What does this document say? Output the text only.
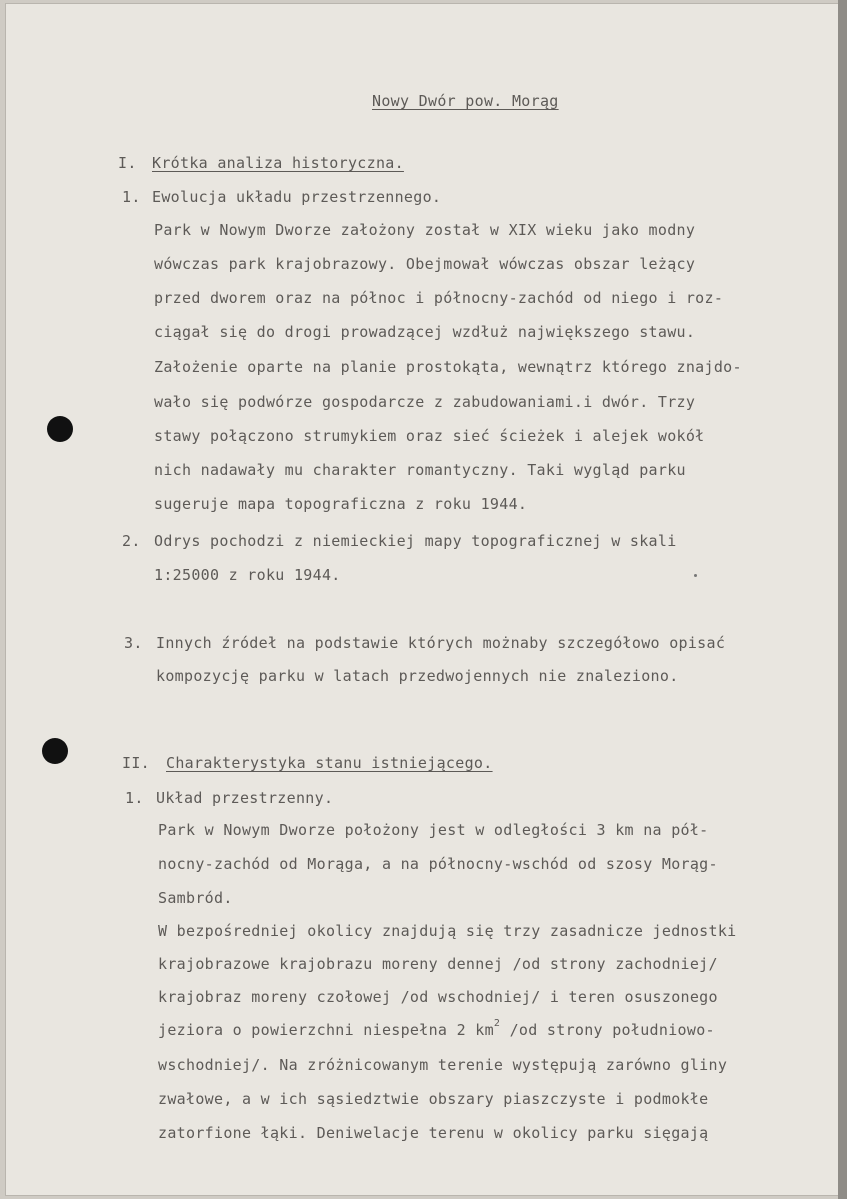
Nowy Dwór pow. Morąg
I. Krótka analiza historyczna.
1. Ewolucja układu przestrzennego.
Park w Nowym Dworze założony został w XIX wieku jako modny
wówczas park krajobrazowy. Obejmował wówczas obszar leżący
przed dworem oraz na północ i północny-zachód od niego i roz-
ciągał się do drogi prowadzącej wzdłuż największego stawu.
Założenie oparte na planie prostokąta, wewnątrz którego znajdo-
wało się podwórze gospodarcze z zabudowaniami.i dwór. Trzy
stawy połączono strumykiem oraz sieć ścieżek i alejek wokół
nich nadawały mu charakter romantyczny. Taki wygląd parku
sugeruje mapa topograficzna z roku 1944.
2. Odrys pochodzi z niemieckiej mapy topograficznej w skali
1:25000 z roku 1944.
3. Innych źródeł na podstawie których możnaby szczegółowo opisać
kompozycję parku w latach przedwojennych nie znaleziono.
II. Charakterystyka stanu istniejącego.
1. Układ przestrzenny.
Park w Nowym Dworze położony jest w odległości 3 km na pół-
nocny-zachód od Morąga, a na północny-wschód od szosy Morąg-
Sambród.
W bezpośredniej okolicy znajdują się trzy zasadnicze jednostki
krajobrazowe krajobrazu moreny dennej /od strony zachodniej/
krajobraz moreny czołowej /od wschodniej/ i teren osuszonego
jeziora o powierzchni niespełna 2 $km^2$ /od strony południowo-
wschodniej/. Na zróżnicowanym terenie występują zarówno gliny
zwałowe, a w ich sąsiedztwie obszary piaszczyste i podmokłe
zatorfione łąki. Deniwelacje terenu w okolicy parku sięgają
